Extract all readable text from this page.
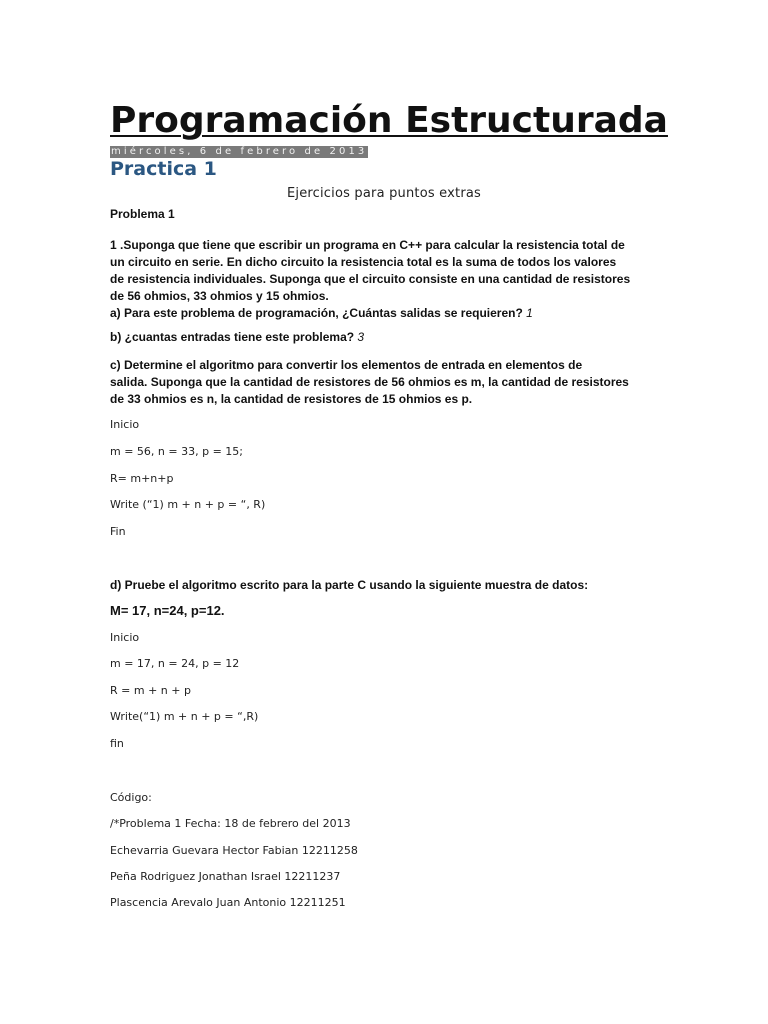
Programación Estructurada
miércoles, 6 de febrero de 2013
Practica 1
Ejercicios para puntos extras
Problema 1
1 .Suponga que tiene que escribir un programa en C++ para calcular la resistencia total de
un circuito en serie. En dicho circuito la resistencia total es la suma de todos los valores
de resistencia individuales. Suponga que el circuito consiste en una cantidad de resistores
de 56 ohmios, 33 ohmios y 15 ohmios.
a) Para este problema de programación, ¿Cuántas salidas se requieren? 1
b) ¿cuantas entradas tiene este problema? 3
c) Determine el algoritmo para convertir los elementos de entrada en elementos de
salida. Suponga que la cantidad de resistores de 56 ohmios es m, la cantidad de resistores
de 33 ohmios es n, la cantidad de resistores de 15 ohmios es p.
Inicio
m = 56, n = 33, p = 15;
R= m+n+p
Write (“1) m + n + p = “, R)
Fin
d) Pruebe el algoritmo escrito para la parte C usando la siguiente muestra de datos:
M= 17, n=24, p=12.
Inicio
m = 17, n = 24, p = 12
R = m + n + p
Write(“1) m + n + p = “,R)
fin
Código:
/*Problema 1 Fecha: 18 de febrero del 2013
Echevarria Guevara Hector Fabian 12211258
Peña Rodriguez Jonathan Israel 12211237
Plascencia Arevalo Juan Antonio 12211251
